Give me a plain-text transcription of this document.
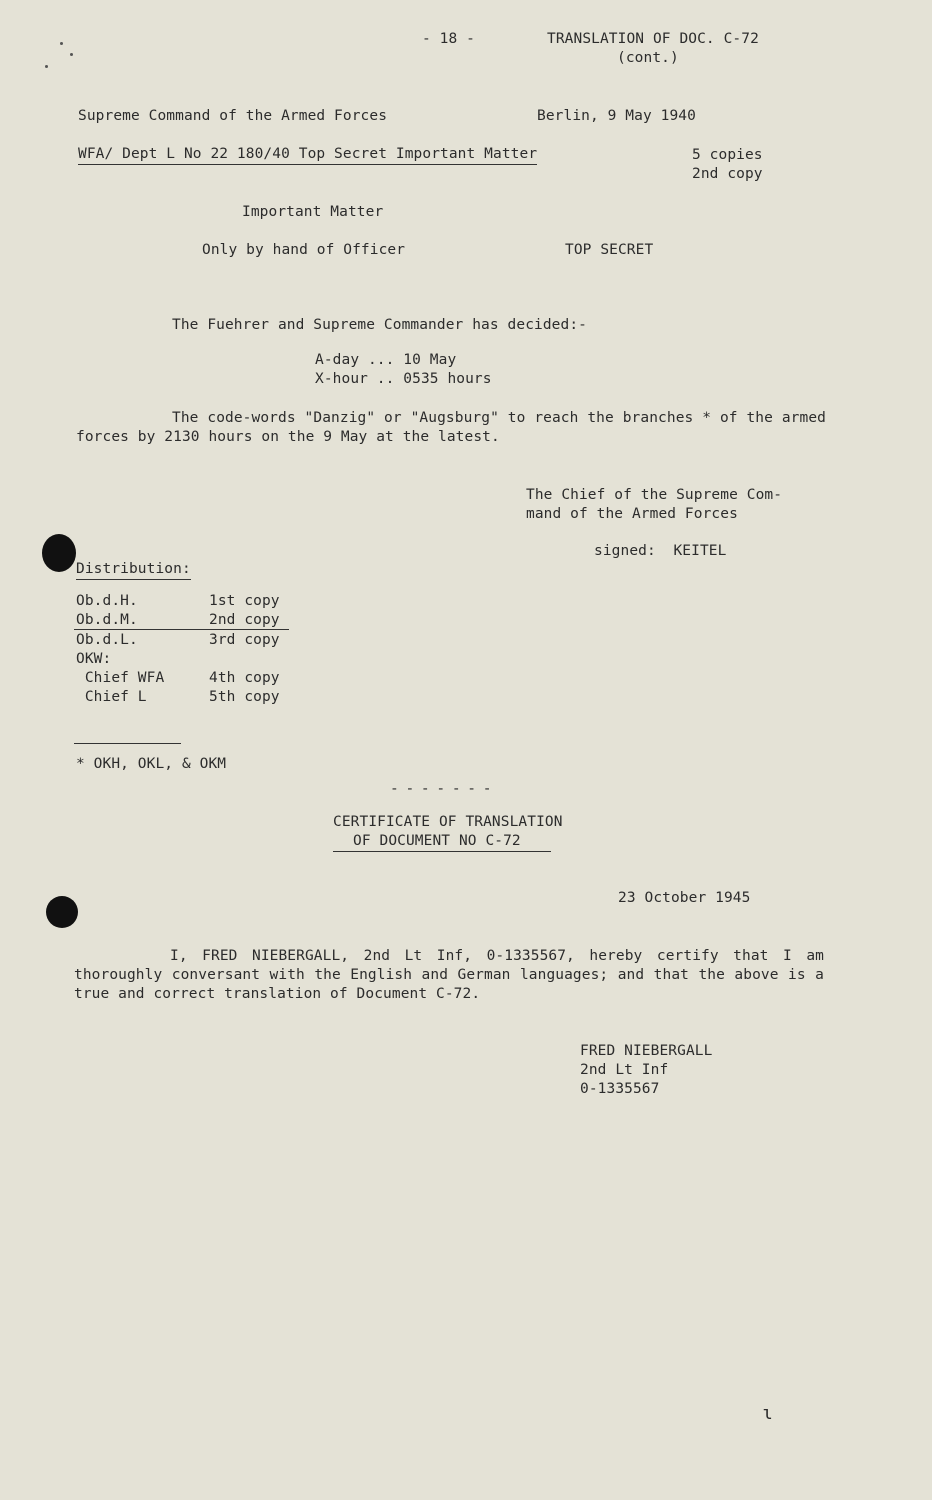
- 18 -	TRANSLATION OF DOC. C-72
(cont.)
Supreme Command of the Armed Forces	Berlin, 9 May 1940
WFA/ Dept L No 22 180/40 Top Secret Important Matter	5 copies
2nd copy
Important Matter
Only by hand of Officer	TOP SECRET
The Fuehrer and Supreme Commander has decided:-
A-day ... 10 May
X-hour .. 0535 hours
The code-words "Danzig" or "Augsburg" to reach the branches * of the armed forces by 2130 hours on the 9 May at the latest.
The Chief of the Supreme Com-
mand of the Armed Forces
signed:  KEITEL
Distribution:
Ob.d.H.	1st copy
Ob.d.M.	2nd copy
Ob.d.L.	3rd copy
OKW:
Chief WFA	4th copy
Chief L	5th copy
* OKH, OKL, & OKM
- - - - - - -
CERTIFICATE OF TRANSLATION
OF DOCUMENT NO C-72
23 October 1945
I, FRED NIEBERGALL, 2nd Lt Inf, 0-1335567, hereby certify that I am thoroughly conversant with the English and German languages; and that the above is a true and correct translation of Document C-72.
FRED NIEBERGALL
2nd Lt Inf
0-1335567
ɩ
